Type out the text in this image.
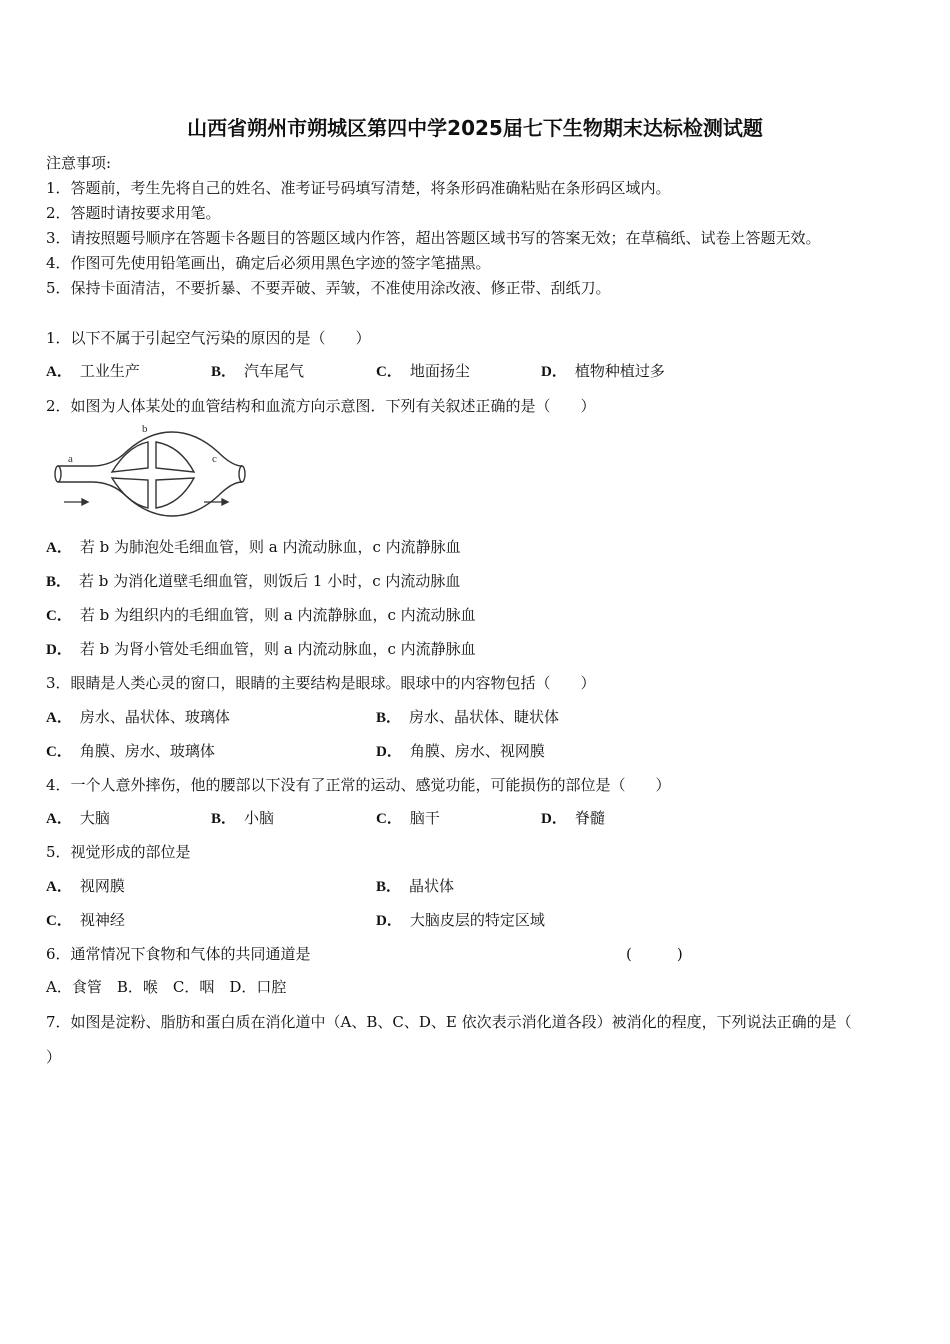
山西省朔州市朔城区第四中学2025届七下生物期末达标检测试题
注意事项:
1．答题前，考生先将自己的姓名、准考证号码填写清楚，将条形码准确粘贴在条形码区域内。
2．答题时请按要求用笔。
3．请按照题号顺序在答题卡各题目的答题区域内作答，超出答题区域书写的答案无效；在草稿纸、试卷上答题无效。
4．作图可先使用铅笔画出，确定后必须用黑色字迹的签字笔描黑。
5．保持卡面清洁，不要折暴、不要弄破、弄皱，不准使用涂改液、修正带、刮纸刀。
1．以下不属于引起空气污染的原因的是（　　）
A． 工业生产	B． 汽车尾气	C． 地面扬尘	D． 植物种植过多
2．如图为人体某处的血管结构和血流方向示意图．下列有关叙述正确的是（　　）
a
b
c
A． 若 b 为肺泡处毛细血管，则 a 内流动脉血，c 内流静脉血
B． 若 b 为消化道壁毛细血管，则饭后 1 小时，c 内流动脉血
C． 若 b 为组织内的毛细血管，则 a 内流静脉血，c 内流动脉血
D． 若 b 为肾小管处毛细血管，则 a 内流动脉血，c 内流静脉血
3．眼睛是人类心灵的窗口，眼睛的主要结构是眼球。眼球中的内容物包括（　　）
A． 房水、晶状体、玻璃体	B． 房水、晶状体、睫状体
C． 角膜、房水、玻璃体	D． 角膜、房水、视网膜
4．一个人意外摔伤，他的腰部以下没有了正常的运动、感觉功能，可能损伤的部位是（　　）
A． 大脑	B． 小脑	C． 脑干	D． 脊髓
5．视觉形成的部位是
A． 视网膜	B． 晶状体
C． 视神经	D． 大脑皮层的特定区域
6．通常情况下食物和气体的共同通道是	(　　　)
A．食管　B．喉　C．咽　D．口腔
7．如图是淀粉、脂肪和蛋白质在消化道中（A、B、C、D、E 依次表示消化道各段）被消化的程度，下列说法正确的是（
）
